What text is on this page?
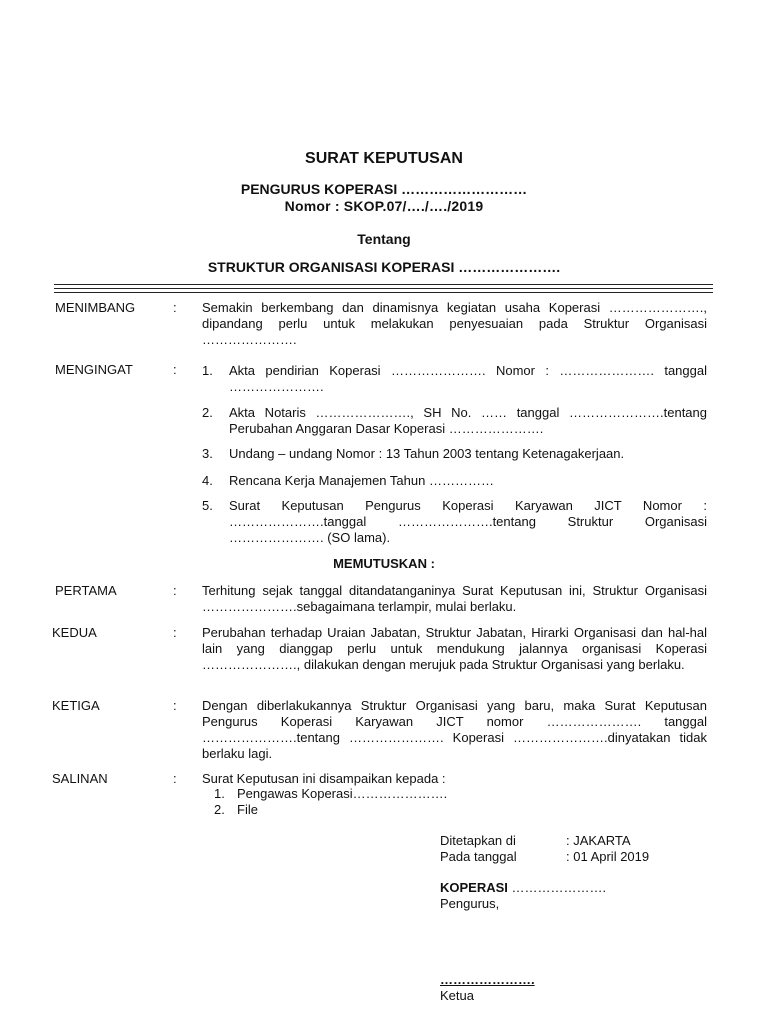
SURAT KEPUTUSAN
PENGURUS KOPERASI ………………………
Nomor : SKOP.07/…./…./2019
Tentang
STRUKTUR ORGANISASI KOPERASI ………………….
MENIMBANG	: Semakin berkembang dan dinamisnya kegiatan usaha Koperasi …………………., dipandang perlu untuk melakukan penyesuaian pada Struktur Organisasi ………………….
MENGINGAT	: 1. Akta pendirian Koperasi …………………. Nomor : …………………. tanggal ………………….
2. Akta Notaris …………………., SH No. …… tanggal ………………….tentang Perubahan Anggaran Dasar Koperasi ………………….
3. Undang – undang Nomor : 13 Tahun 2003 tentang Ketenagakerjaan.
4. Rencana Kerja Manajemen Tahun ……………
5. Surat Keputusan Pengurus Koperasi Karyawan JICT Nomor : ………………….tanggal ………………….tentang Struktur Organisasi …………………. (SO lama).
MEMUTUSKAN :
PERTAMA	: Terhitung sejak tanggal ditandatanganinya Surat Keputusan ini, Struktur Organisasi ………………….sebagaimana terlampir, mulai berlaku.
KEDUA	: Perubahan terhadap Uraian Jabatan, Struktur Jabatan, Hirarki Organisasi dan hal-hal lain yang dianggap perlu untuk mendukung jalannya organisasi Koperasi …………………., dilakukan dengan merujuk pada Struktur Organisasi yang berlaku.
KETIGA	: Dengan diberlakukannya Struktur Organisasi yang baru, maka Surat Keputusan Pengurus Koperasi Karyawan JICT nomor …………………. tanggal ………………….tentang …………………. Koperasi ………………….dinyatakan tidak berlaku lagi.
SALINAN	: Surat Keputusan ini disampaikan kepada :
1. Pengawas Koperasi………………….
2. File
Ditetapkan di	: JAKARTA
Pada tanggal	: 01 April 2019
KOPERASI ………………….
Pengurus,
………………….
Ketua
